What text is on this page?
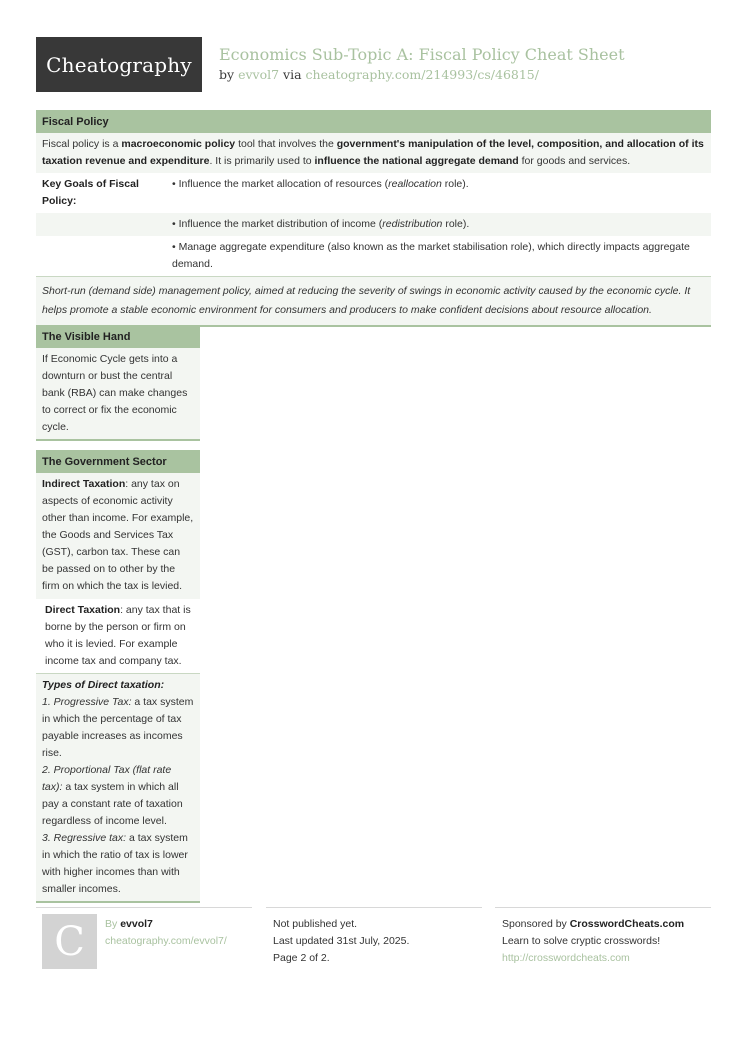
Cheatography Economics Sub-Topic A: Fiscal Policy Cheat Sheet
by evvol7 via cheatography.com/214993/cs/46815/
Fiscal Policy
Fiscal policy is a macroeconomic policy tool that involves the government's manipulation of the level, composition, and allocation of its taxation revenue and expenditure. It is primarily used to influence the national aggregate demand for goods and services.
Key Goals of Fiscal Policy:
• Influence the market allocation of resources (reallocation role).
• Influence the market distribution of income (redistribution role).
• Manage aggregate expenditure (also known as the market stabilisation role), which directly impacts aggregate demand.
Short-run (demand side) management policy, aimed at reducing the severity of swings in economic activity caused by the economic cycle. It helps promote a stable economic environment for consumers and producers to make confident decisions about resource allocation.
The Visible Hand
If Economic Cycle gets into a downturn or bust the central bank (RBA) can make changes to correct or fix the economic cycle.
The Government Sector
Indirect Taxation: any tax on aspects of economic activity other than income. For example, the Goods and Services Tax (GST), carbon tax. These can be passed on to other by the firm on which the tax is levied.
Direct Taxation: any tax that is borne by the person or firm on who it is levied. For example income tax and company tax.
Types of Direct taxation:
1. Progressive Tax: a tax system in which the percentage of tax payable increases as incomes rise.
2. Proportional Tax (flat rate tax): a tax system in which all pay a constant rate of taxation regardless of income level.
3. Regressive tax: a tax system in which the ratio of tax is lower with higher incomes than with smaller incomes.
C By evvol7
cheatography.com/evvol7/
Not published yet.
Last updated 31st July, 2025.
Page 2 of 2.
Sponsored by CrosswordCheats.com
Learn to solve cryptic crosswords!
http://crosswordcheats.com
